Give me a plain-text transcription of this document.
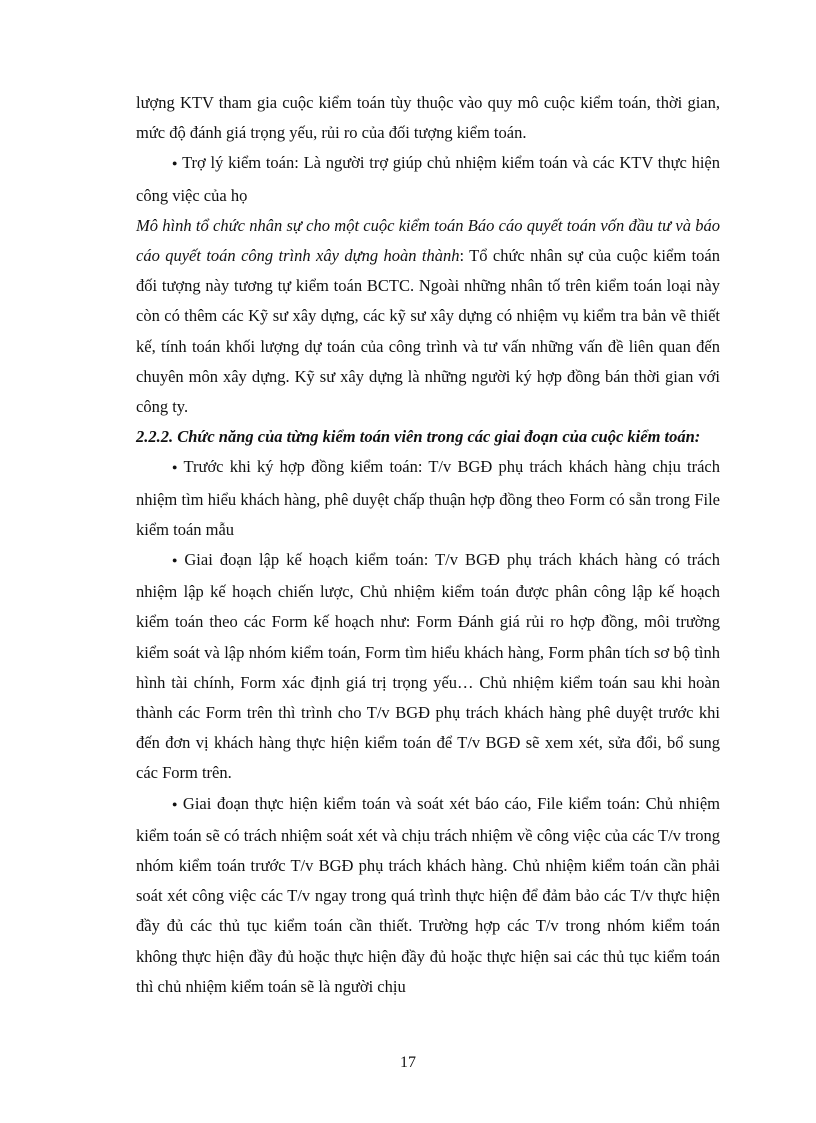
lượng KTV tham gia cuộc kiểm toán tùy thuộc vào quy mô cuộc kiểm toán, thời gian, mức độ đánh giá trọng yếu, rủi ro của đối tượng kiểm toán.

● Trợ lý kiểm toán: Là người trợ giúp chủ nhiệm kiểm toán và các KTV thực hiện công việc của họ

Mô hình tổ chức nhân sự cho một cuộc kiểm toán Báo cáo quyết toán vốn đầu tư và báo cáo quyết toán công trình xây dựng hoàn thành: Tổ chức nhân sự của cuộc kiểm toán đối tượng này tương tự kiểm toán BCTC. Ngoài những nhân tố trên kiểm toán loại này còn có thêm các Kỹ sư xây dựng, các kỹ sư xây dựng có nhiệm vụ kiểm tra bản vẽ thiết kế, tính toán khối lượng dự toán của công trình và tư vấn những vấn đề liên quan đến chuyên môn xây dựng. Kỹ sư xây dựng là những người ký hợp đồng bán thời gian với công ty.

2.2.2. Chức năng của từng kiểm toán viên trong các giai đoạn của cuộc kiểm toán:

● Trước khi ký hợp đồng kiểm toán: T/v BGĐ phụ trách khách hàng chịu trách nhiệm tìm hiểu khách hàng, phê duyệt chấp thuận hợp đồng theo Form có sẵn trong File kiểm toán mẫu

● Giai đoạn lập kế hoạch kiểm toán: T/v BGĐ phụ trách khách hàng có trách nhiệm lập kế hoạch chiến lược, Chủ nhiệm kiểm toán được phân công lập kế hoạch kiểm toán theo các Form kế hoạch như: Form Đánh giá rủi ro hợp đồng, môi trường kiểm soát và lập nhóm kiểm toán, Form tìm hiểu khách hàng, Form phân tích sơ bộ tình hình tài chính, Form xác định giá trị trọng yếu… Chủ nhiệm kiểm toán sau khi hoàn thành các Form trên thì trình cho T/v BGĐ phụ trách khách hàng phê duyệt trước khi đến đơn vị khách hàng thực hiện kiểm toán để T/v BGĐ sẽ xem xét, sửa đổi, bổ sung các Form trên.

● Giai đoạn thực hiện kiểm toán và soát xét báo cáo, File kiểm toán: Chủ nhiệm kiểm toán sẽ có trách nhiệm soát xét và chịu trách nhiệm về công việc của các T/v trong nhóm kiểm toán trước T/v BGĐ phụ trách khách hàng. Chủ nhiệm kiểm toán cần phải soát xét công việc các T/v ngay trong quá trình thực hiện để đảm bảo các T/v thực hiện đầy đủ các thủ tục kiểm toán cần thiết. Trường hợp các T/v trong nhóm kiểm toán không thực hiện đầy đủ hoặc thực hiện đầy đủ hoặc thực hiện sai các thủ tục kiểm toán thì chủ nhiệm kiểm toán sẽ là người chịu

17
